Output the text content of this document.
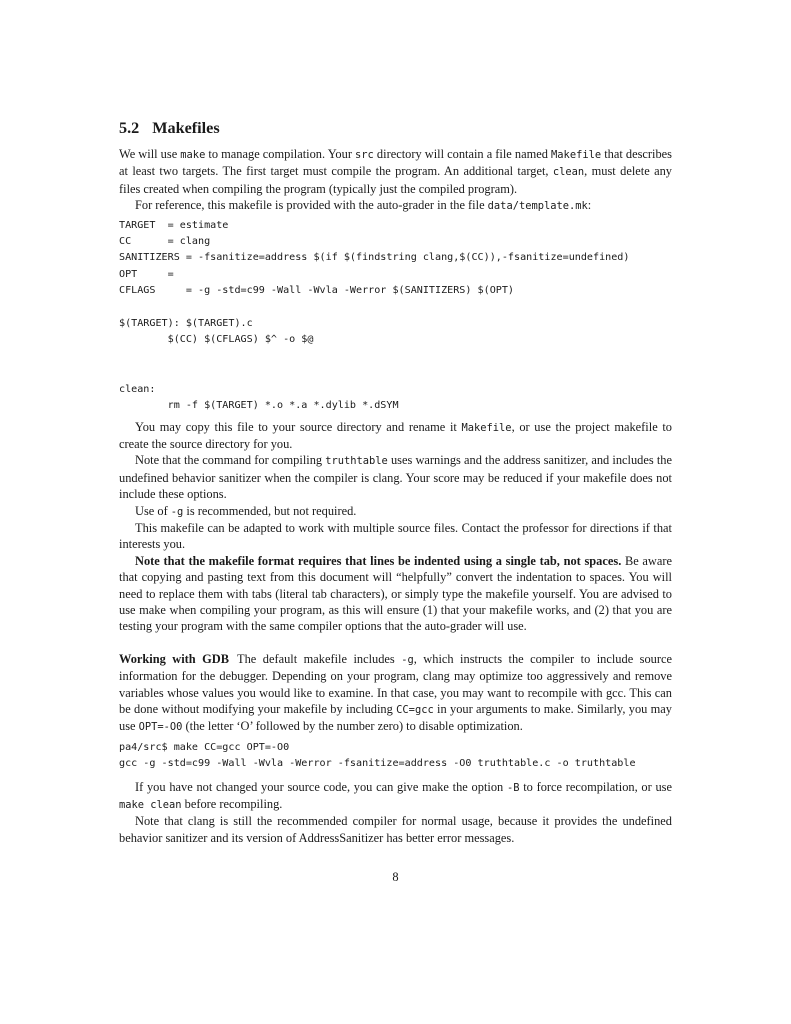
5.2 Makefiles

We will use make to manage compilation. Your src directory will contain a file named Makefile that describes at least two targets. The first target must compile the program. An additional target, clean, must delete any files created when compiling the program (typically just the compiled program).

For reference, this makefile is provided with the auto-grader in the file data/template.mk:

TARGET  = estimate
CC      = clang
SANITIZERS = -fsanitize=address $(if $(findstring clang,$(CC)),-fsanitize=undefined)
OPT     =
CFLAGS     = -g -std=c99 -Wall -Wvla -Werror $(SANITIZERS) $(OPT)

$(TARGET): $(TARGET).c
$(CC) $(CFLAGS) $^ -o $@

clean:
rm -f $(TARGET) *.o *.a *.dylib *.dSYM

You may copy this file to your source directory and rename it Makefile, or use the project makefile to create the source directory for you.

Note that the command for compiling truthtable uses warnings and the address sanitizer, and includes the undefined behavior sanitizer when the compiler is clang. Your score may be reduced if your makefile does not include these options.

Use of -g is recommended, but not required.

This makefile can be adapted to work with multiple source files. Contact the professor for directions if that interests you.

Note that the makefile format requires that lines be indented using a single tab, not spaces. Be aware that copying and pasting text from this document will “helpfully” convert the indentation to spaces. You will need to replace them with tabs (literal tab characters), or simply type the makefile yourself. You are advised to use make when compiling your program, as this will ensure (1) that your makefile works, and (2) that you are testing your program with the same compiler options that the auto-grader will use.

Working with GDB The default makefile includes -g, which instructs the compiler to include source information for the debugger. Depending on your program, clang may optimize too aggressively and remove variables whose values you would like to examine. In that case, you may want to recompile with gcc. This can be done without modifying your makefile by including CC=gcc in your arguments to make. Similarly, you may use OPT=-O0 (the letter ‘O’ followed by the number zero) to disable optimization.

pa4/src$ make CC=gcc OPT=-O0
gcc -g -std=c99 -Wall -Wvla -Werror -fsanitize=address -O0 truthtable.c -o truthtable

If you have not changed your source code, you can give make the option -B to force recompilation, or use make clean before recompiling.

Note that clang is still the recommended compiler for normal usage, because it provides the undefined behavior sanitizer and its version of AddressSanitizer has better error messages.

8
